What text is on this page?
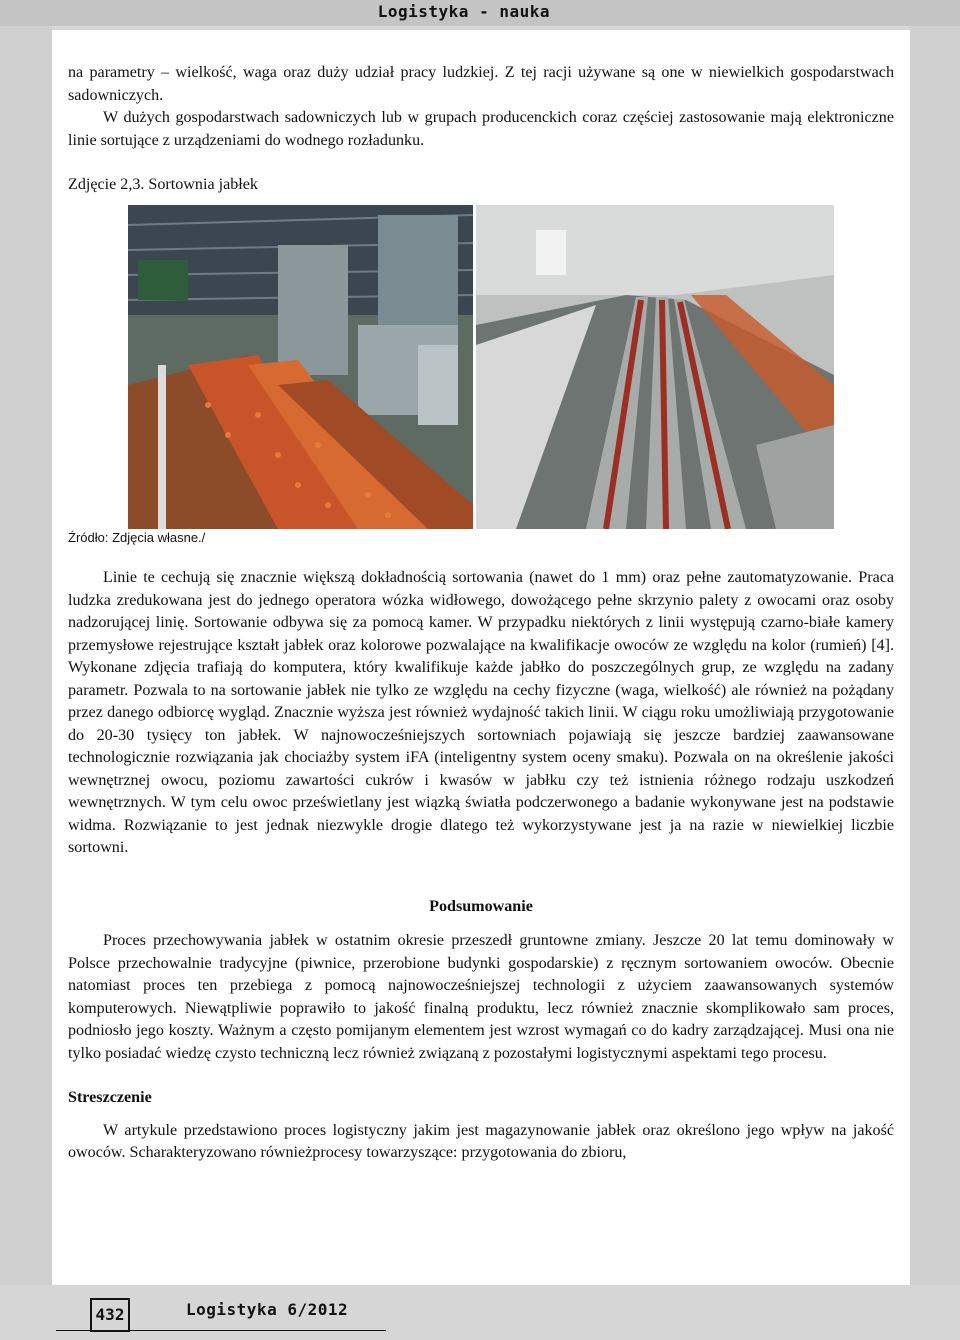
Logistyka - nauka

na parametry – wielkość, waga oraz duży udział pracy ludzkiej. Z tej racji używane są one w niewielkich gospodarstwach sadowniczych.

W dużych gospodarstwach sadowniczych lub w grupach producenckich coraz częściej zastosowanie mają elektroniczne linie sortujące z urządzeniami do wodnego rozładunku.

Zdjęcie 2,3. Sortownia jabłek

Źródło: Zdjęcia własne./

Linie te cechują się znacznie większą dokładnością sortowania (nawet do 1 mm) oraz pełne zautomatyzowanie. Praca ludzka zredukowana jest do jednego operatora wózka widłowego, dowożącego pełne skrzynio palety z owocami oraz osoby nadzorującej linię. Sortowanie odbywa się za pomocą kamer. W przypadku niektórych z linii występują czarno-białe kamery przemysłowe rejestrujące kształt jabłek oraz kolorowe pozwalające na kwalifikacje owoców ze względu na kolor (rumień) [4]. Wykonane zdjęcia trafiają do komputera, który kwalifikuje każde jabłko do poszczególnych grup, ze względu na zadany parametr. Pozwala to na sortowanie jabłek nie tylko ze względu na cechy fizyczne (waga, wielkość) ale również na pożądany przez danego odbiorcę wygląd. Znacznie wyższa jest również wydajność takich linii. W ciągu roku umożliwiają przygotowanie do 20-30 tysięcy ton jabłek. W najnowocześniejszych sortowniach pojawiają się jeszcze bardziej zaawansowane technologicznie rozwiązania jak chociażby system iFA (inteligentny system oceny smaku). Pozwala on na określenie jakości wewnętrznej owocu, poziomu zawartości cukrów i kwasów w jabłku czy też istnienia różnego rodzaju uszkodzeń wewnętrznych. W tym celu owoc prześwietlany jest wiązką światła podczerwonego a badanie wykonywane jest na podstawie widma. Rozwiązanie to jest jednak niezwykle drogie dlatego też wykorzystywane jest ja na razie w niewielkiej liczbie sortowni.

Podsumowanie

Proces przechowywania jabłek w ostatnim okresie przeszedł gruntowne zmiany. Jeszcze 20 lat temu dominowały w Polsce przechowalnie tradycyjne (piwnice, przerobione budynki gospodarskie) z ręcznym sortowaniem owoców. Obecnie natomiast proces ten przebiega z pomocą najnowocześniejszej technologii z użyciem zaawansowanych systemów komputerowych. Niewątpliwie poprawiło to jakość finalną produktu, lecz również znacznie skomplikowało sam proces, podniosło jego koszty. Ważnym a często pomijanym elementem jest wzrost wymagań co do kadry zarządzającej. Musi ona nie tylko posiadać wiedzę czysto techniczną lecz również związaną z pozostałymi logistycznymi aspektami tego procesu.

Streszczenie

W artykule przedstawiono proces logistyczny jakim jest magazynowanie jabłek oraz określono jego wpływ na jakość owoców. Scharakteryzowano równieżprocesy towarzyszące: przygotowania do zbioru,

432	Logistyka 6/2012
